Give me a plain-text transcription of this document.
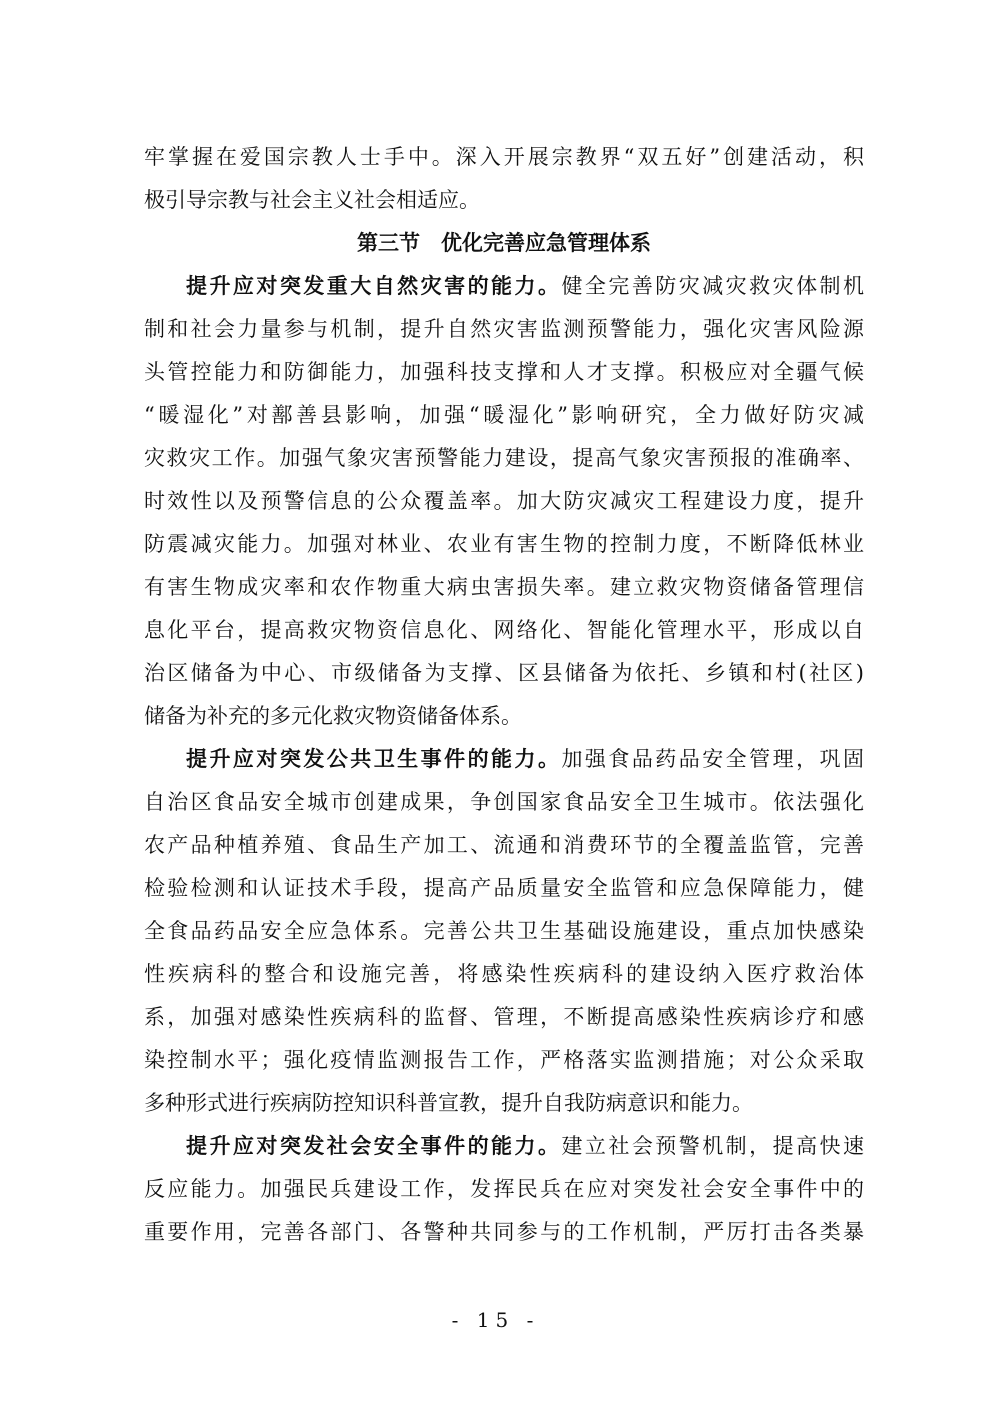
牢掌握在爱国宗教人士手中。深入开展宗教界“双五好”创建活动，积
极引导宗教与社会主义社会相适应。
第三节　优化完善应急管理体系
提升应对突发重大自然灾害的能力。健全完善防灾减灾救灾体制机
制和社会力量参与机制，提升自然灾害监测预警能力，强化灾害风险源
头管控能力和防御能力，加强科技支撑和人才支撑。积极应对全疆气候
“暖湿化”对鄯善县影响，加强“暖湿化”影响研究，全力做好防灾减
灾救灾工作。加强气象灾害预警能力建设，提高气象灾害预报的准确率、
时效性以及预警信息的公众覆盖率。加大防灾减灾工程建设力度，提升
防震减灾能力。加强对林业、农业有害生物的控制力度，不断降低林业
有害生物成灾率和农作物重大病虫害损失率。建立救灾物资储备管理信
息化平台，提高救灾物资信息化、网络化、智能化管理水平，形成以自
治区储备为中心、市级储备为支撑、区县储备为依托、乡镇和村(社区)
储备为补充的多元化救灾物资储备体系。
提升应对突发公共卫生事件的能力。加强食品药品安全管理，巩固
自治区食品安全城市创建成果，争创国家食品安全卫生城市。依法强化
农产品种植养殖、食品生产加工、流通和消费环节的全覆盖监管，完善
检验检测和认证技术手段，提高产品质量安全监管和应急保障能力，健
全食品药品安全应急体系。完善公共卫生基础设施建设，重点加快感染
性疾病科的整合和设施完善，将感染性疾病科的建设纳入医疗救治体
系，加强对感染性疾病科的监督、管理，不断提高感染性疾病诊疗和感
染控制水平；强化疫情监测报告工作，严格落实监测措施；对公众采取
多种形式进行疾病防控知识科普宣教，提升自我防病意识和能力。
提升应对突发社会安全事件的能力。建立社会预警机制，提高快速
反应能力。加强民兵建设工作，发挥民兵在应对突发社会安全事件中的
重要作用，完善各部门、各警种共同参与的工作机制，严厉打击各类暴
- 15 -
